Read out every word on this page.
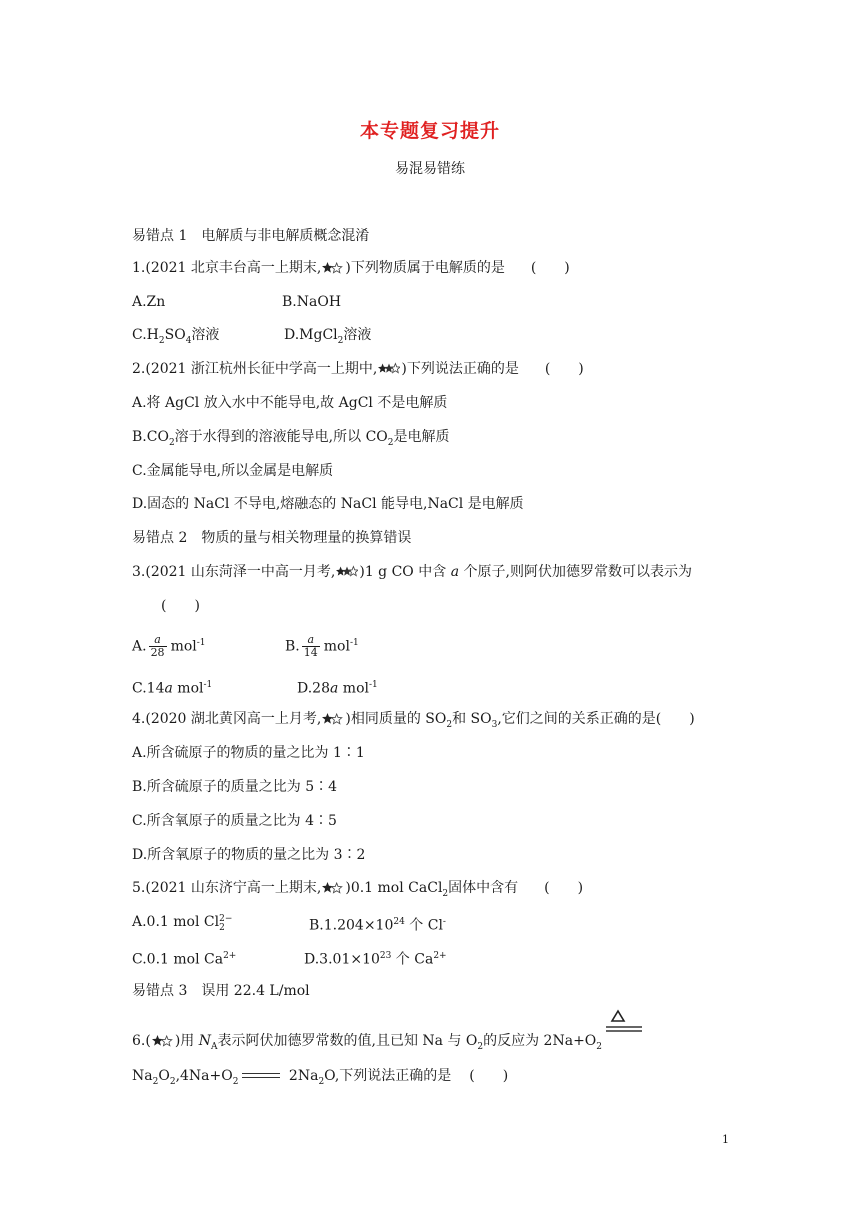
本专题复习提升
易混易错练
易错点 1　电解质与非电解质概念混淆
1.(2021 北京丰台高一上期末, )下列物质属于电解质的是 (　　)
A.Zn	B.NaOH
$C.H_2SO_4$溶液	D.MgCl$_2$溶液
2.(2021 浙江杭州长征中学高一上期中, )下列说法正确的是 (　　)
A.将 AgCl 放入水中不能导电,故 AgCl 不是电解质
$B.CO_2$溶于水得到的溶液能导电,所以 $CO_2$是电解质
C.金属能导电,所以金属是电解质
D.固态的 NaCl 不导电,熔融态的 NaCl 能导电,NaCl 是电解质
易错点 2　物质的量与相关物理量的换算错误
3.(2021 山东菏泽一中高一月考, )1 g CO 中含 a 个原子,则阿伏加德罗常数可以表示为
(　　)
A. $\frac{a}{28} mol^{-1}$	B. $\frac{a}{14} mol^{-1}$
C.14a mol$^{-1}$	D.28a mol$^{-1}$
4.(2020 湖北黄冈高一上月考, )相同质量的 $SO_2$和 $SO_3$,它们之间的关系正确的是(　　)
A.所含硫原子的物质的量之比为 1∶1
B.所含硫原子的质量之比为 5∶4
C.所含氧原子的质量之比为 4∶5
D.所含氧原子的物质的量之比为 3∶2
5.(2021 山东济宁高一上期末, )0.1 mol CaCl$_2$固体中含有 (　　)
A.0.1 mol Cl 2−
2	$B.1.204\times 10^{24}$ 个 Cl-
C.0.1 mol $Ca^{2+}$	$D.3.01\times 10^{23}$ 个 $Ca^{2+}$
易错点 3　误用 22.4 L/mol
6.( )用 $N_A$表示阿伏加德罗常数的值,且已知 Na 与 $O_2$的反应为 $2Na+O_2$
$Na_2O_2,4Na+O_2$	$2Na_2O$,下列说法正确的是 (　　)
1
